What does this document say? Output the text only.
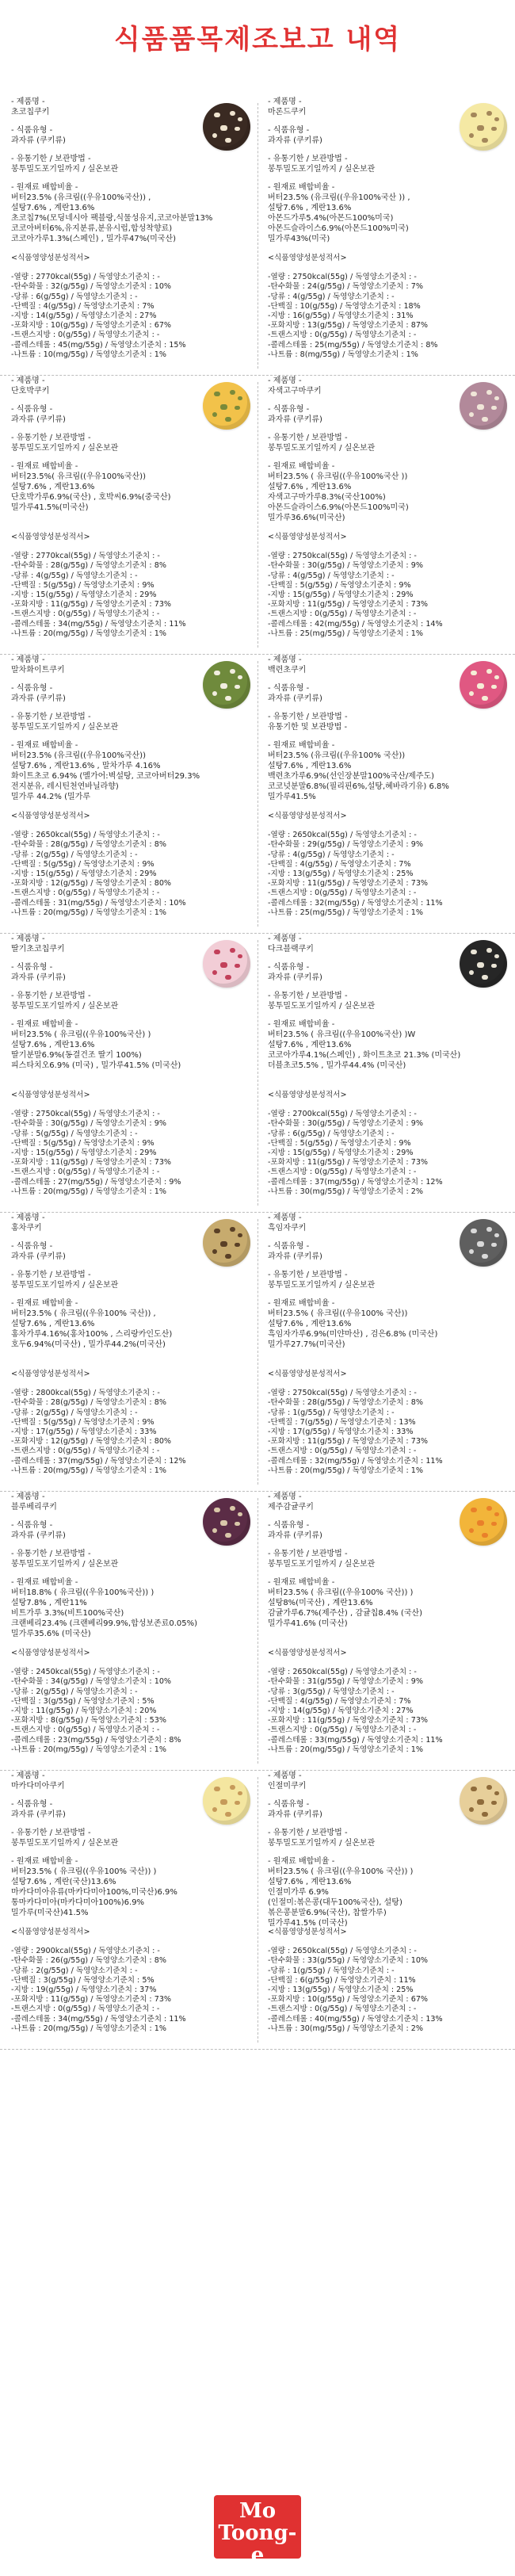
식품품목제조보고 내역
- 제품명 -
초코칩쿠키
- 식품유형 -
과자류 (쿠키류)
- 유통기한 / 보관방법 -
봉투밀도포기일까지 / 실온보관
- 원재료 배합비율 -
버터23.5% (유크림((우유100%국산)) ,
설탕7.6% , 계란13.6%
초코칩7%(모딩네시아 팩블랑,식물성유지,코코아분말13%
코코아버터6%,유지분류,분유시럽,합성착향료)
코코아가루1.3%(스페인) , 밀가루47%(미국산)
<식품영양성분성적서>
-열량 : 2770kcal(55g) / 독영양소기준치 : -
-탄수화물 : 32(g/55g) / 독영양소기준치 : 10%
-당류 : 6(g/55g) / 독영양소기준치 : -
-단백질 : 4(g/55g) / 독영양소기준치 : 7%
-지방 : 14(g/55g) / 독영양소기준치 : 27%
-포화지방 : 10(g/55g) / 독영양소기준치 : 67%
-트랜스지방 : 0(g/55g) / 독영양소기준치 : -
-콜레스테롤 : 45(mg/55g) / 독영양소기준치 : 15%
-나트륨 : 10(mg/55g) / 독영양소기준치 : 1%
- 제품명 -
마론드쿠키
- 식품유형 -
과자류 (쿠키류)
- 유통기한 / 보관방법 -
봉투밀도포기일까지 / 실온보관
- 원재료 배합비율 -
버터23.5% (유크림((우유100%국산 )) ,
설탕7.6% , 계란13.6%
아몬드가루5.4%(아몬드100%미국)
아몬드슬라이스6.9%(아몬드100%미국)
밀가루43%(미국)
<식품영양성분성적서>
-열량 : 2750kcal(55g) / 독영양소기준치 : -
-탄수화물 : 24(g/55g) / 독영양소기준치 : 7%
-당류 : 4(g/55g) / 독영양소기준치 : -
-단백질 : 10(g/55g) / 독영양소기준치 : 18%
-지방 : 16(g/55g) / 독영양소기준치 : 31%
-포화지방 : 13(g/55g) / 독영양소기준치 : 87%
-트랜스지방 : 0(g/55g) / 독영양소기준치 : -
-콜레스테롤 : 25(mg/55g) / 독영양소기준치 : 8%
-나트륨 : 8(mg/55g) / 독영양소기준치 : 1%
- 제품명 -
단호박쿠키
- 식품유형 -
과자류 (쿠키류)
- 유통기한 / 보관방법 -
봉투밀도포기일까지 / 실온보관
- 원재료 배합비율 -
버터23.5%( 유크림((우유100%국산))
설탕7.6% , 계란13.6%
단호박가루6.9%(국산) , 호박씨6.9%(중국산)
밀가루41.5%(미국산)
<식품영양성분성적서>
-열량 : 2770kcal(55g) / 독영양소기준치 : -
-탄수화물 : 28(g/55g) / 독영양소기준치 : 8%
-당류 : 4(g/55g) / 독영양소기준치 : -
-단백질 : 5(g/55g) / 독영양소기준치 : 9%
-지방 : 15(g/55g) / 독영양소기준치 : 29%
-포화지방 : 11(g/55g) / 독영양소기준치 : 73%
-트랜스지방 : 0(g/55g) / 독영양소기준치 : -
-콜레스테롤 : 34(mg/55g) / 독영양소기준치 : 11%
-나트륨 : 20(mg/55g) / 독영양소기준치 : 1%
- 제품명 -
자색고구마쿠키
- 식품유형 -
과자류 (쿠키류)
- 유통기한 / 보관방법 -
봉투밀도포기일까지 / 실온보관
- 원재료 배합비율 -
버터23.5% ( 유크림((우유100%국산 ))
설탕7.6% , 계란13.6%
자색고구마가루8.3%(국산100%)
아몬드슬라이스6.9%(아몬드100%미국)
밀가루36.6%(미국산)
<식품영양성분성적서>
-열량 : 2750kcal(55g) / 독영양소기준치 : -
-탄수화물 : 30(g/55g) / 독영양소기준치 : 9%
-당류 : 4(g/55g) / 독영양소기준치 : -
-단백질 : 5(g/55g) / 독영양소기준치 : 9%
-지방 : 15(g/55g) / 독영양소기준치 : 29%
-포화지방 : 11(g/55g) / 독영양소기준치 : 73%
-트랜스지방 : 0(g/55g) / 독영양소기준치 : -
-콜레스테롤 : 42(mg/55g) / 독영양소기준치 : 14%
-나트륨 : 25(mg/55g) / 독영양소기준치 : 1%
- 제품명 -
말차화이트쿠키
- 식품유형 -
과자류 (쿠키류)
- 유통기한 / 보관방법 -
봉투밀도포기일까지 / 실온보관
- 원재료 배합비율 -
버터23.5% (유크림((우유100%국산))
설탕7.6% , 계란13.6% , 말차가루 4.16%
화이트초코 6.94% (멜가어:벽설탕, 코코아버터29.3%
전지분유, 레시틴천연바닐라향)
밀가루 44.2% (밀가루
<식품영양성분성적서>
-열량 : 2650kcal(55g) / 독영양소기준치 : -
-탄수화물 : 28(g/55g) / 독영양소기준치 : 8%
-당류 : 2(g/55g) / 독영양소기준치 : -
-단백질 : 5(g/55g) / 독영양소기준치 : 9%
-지방 : 15(g/55g) / 독영양소기준치 : 29%
-포화지방 : 12(g/55g) / 독영양소기준치 : 80%
-트랜스지방 : 0(g/55g) / 독영양소기준치 : -
-콜레스테롤 : 31(mg/55g) / 독영양소기준치 : 10%
-나트륨 : 20(mg/55g) / 독영양소기준치 : 1%
- 제품명 -
백련초쿠키
- 식품유형 -
과자류 (쿠키류)
- 유통기한 / 보관방법 -
유통기한 및 보관방법 -
- 원재료 배합비율 -
버터23.5% (유크림((우유100% 국산))
설탕7.6% , 계란13.6%
백련초가루6.9%(선인장분말100%국산/제주도)
코코넛분말6.8%(필리핀6%,설탕,혜바라기유) 6.8%
밀가루41.5%
<식품영양성분성적서>
-열량 : 2650kcal(55g) / 독영양소기준치 : -
-탄수화물 : 29(g/55g) / 독영양소기준치 : 9%
-당류 : 4(g/55g) / 독영양소기준치 : -
-단백질 : 4(g/55g) / 독영양소기준치 : 7%
-지방 : 13(g/55g) / 독영양소기준치 : 25%
-포화지방 : 11(g/55g) / 독영양소기준치 : 73%
-트랜스지방 : 0(g/55g) / 독영양소기준치 : -
-콜레스테롤 : 32(mg/55g) / 독영양소기준치 : 11%
-나트륨 : 25(mg/55g) / 독영양소기준치 : 1%
- 제품명 -
딸기초코칩쿠키
- 식품유형 -
과자류 (쿠키류)
- 유통기한 / 보관방법 -
봉투밀도포기일까지 / 실온보관
- 원재료 배합비율 -
버터23.5% ( 유크림((우유100%국산) )
설탕7.6% , 계란13.6%
딸기분말6.9%(동결건조 딸기 100%)
피스타치오6.9% (미국) , 밀가루41.5% (미국산)
<식품영양성분성적서>
-열량 : 2750kcal(55g) / 독영양소기준치 : -
-탄수화물 : 30(g/55g) / 독영양소기준치 : 9%
-당류 : 5(g/55g) / 독영양소기준치 : -
-단백질 : 5(g/55g) / 독영양소기준치 : 9%
-지방 : 15(g/55g) / 독영양소기준치 : 29%
-포화지방 : 11(g/55g) / 독영양소기준치 : 73%
-트랜스지방 : 0(g/55g) / 독영양소기준치 : -
-콜레스테롤 : 27(mg/55g) / 독영양소기준치 : 9%
-나트륨 : 20(mg/55g) / 독영양소기준치 : 1%
- 제품명 -
다크블랙쿠키
- 식품유형 -
과자류 (쿠키류)
- 유통기한 / 보관방법 -
봉투밀도포기일까지 / 실온보관
- 원재료 배합비율 -
버터23.5% ( 유크림((우유100%국산) )W
설탕7.6% , 계란13.6%
코코아가루4.1%(스페인) , 화이트초코 21.3% (미국산)
더블초코5.5% , 밀가루44.4% (미국산)
<식품영양성분성적서>
-열량 : 2700kcal(55g) / 독영양소기준치 : -
-탄수화물 : 30(g/55g) / 독영양소기준치 : 9%
-당류 : 6(g/55g) / 독영양소기준치 : -
-단백질 : 5(g/55g) / 독영양소기준치 : 9%
-지방 : 15(g/55g) / 독영양소기준치 : 29%
-포화지방 : 11(g/55g) / 독영양소기준치 : 73%
-트랜스지방 : 0(g/55g) / 독영양소기준치 : -
-콜레스테롤 : 37(mg/55g) / 독영양소기준치 : 12%
-나트륨 : 30(mg/55g) / 독영양소기준치 : 2%
- 제품명 -
홍차쿠키
- 식품유형 -
과자류 (쿠키류)
- 유통기한 / 보관방법 -
봉투밀도포기일까지 / 실온보관
- 원재료 배합비율 -
버터23.5% ( 유크림((우유100% 국산)) ,
설탕7.6% , 계란13.6%
홍차가루4.16%(홍차100% , 스리랑카인도산)
호두6.94%(미국산) , 밀가루44.2%(미국산)
<식품영양성분성적서>
-열량 : 2800kcal(55g) / 독영양소기준치 : -
-탄수화물 : 28(g/55g) / 독영양소기준치 : 8%
-당류 : 2(g/55g) / 독영양소기준치 : -
-단백질 : 5(g/55g) / 독영양소기준치 : 9%
-지방 : 17(g/55g) / 독영양소기준치 : 33%
-포화지방 : 12(g/55g) / 독영양소기준치 : 80%
-트랜스지방 : 0(g/55g) / 독영양소기준치 : -
-콜레스테롤 : 37(mg/55g) / 독영양소기준치 : 12%
-나트륨 : 20(mg/55g) / 독영양소기준치 : 1%
- 제품명 -
흑임자쿠키
- 식품유형 -
과자류 (쿠키류)
- 유통기한 / 보관방법 -
봉투밀도포기일까지 / 실온보관
- 원재료 배합비율 -
버터23.5% ( 유크림((우유100% 국산))
설탕7.6% , 계란13.6%
흑임자가루6.9%(미얀마산) , 검은6.8% (미국산)
밀가루27.7%(미국산)
<식품영양성분성적서>
-열량 : 2750kcal(55g) / 독영양소기준치 : -
-탄수화물 : 28(g/55g) / 독영양소기준치 : 8%
-당류 : 1(g/55g) / 독영양소기준치 : -
-단백질 : 7(g/55g) / 독영양소기준치 : 13%
-지방 : 17(g/55g) / 독영양소기준치 : 33%
-포화지방 : 11(g/55g) / 독영양소기준치 : 73%
-트랜스지방 : 0(g/55g) / 독영양소기준치 : -
-콜레스테롤 : 32(mg/55g) / 독영양소기준치 : 11%
-나트륨 : 20(mg/55g) / 독영양소기준치 : 1%
- 제품명 -
블루베리쿠키
- 식품유형 -
과자류 (쿠키류)
- 유통기한 / 보관방법 -
봉투밀도포기일까지 / 실온보관
- 원재료 배합비율 -
버터18.8% ( 유크림((우유100%국산)) )
설탕7.8% , 계란11%
비트가루 3.3%(비트100%국산)
크랜베리23.4% (크랜베리99.9%,합성보존료0.05%)
밀가루35.6% (미국산)
<식품영양성분성적서>
-열량 : 2450kcal(55g) / 독영양소기준치 : -
-탄수화물 : 34(g/55g) / 독영양소기준치 : 10%
-당류 : 2(g/55g) / 독영양소기준치 : -
-단백질 : 3(g/55g) / 독영양소기준치 : 5%
-지방 : 11(g/55g) / 독영양소기준치 : 20%
-포화지방 : 8(g/55g) / 독영양소기준치 : 53%
-트랜스지방 : 0(g/55g) / 독영양소기준치 : -
-콜레스테롤 : 23(mg/55g) / 독영양소기준치 : 8%
-나트륨 : 20(mg/55g) / 독영양소기준치 : 1%
- 제품명 -
제주감귤쿠키
- 식품유형 -
과자류 (쿠키류)
- 유통기한 / 보관방법 -
봉투밀도포기일까지 / 실온보관
- 원재료 배합비율 -
버터23.5% ( 유크림((우유100% 국산)) )
설탕8%(미국산) , 계란13.6%
감귤가루6.7%(제주산) , 감귤칩8.4% (국산)
밀가루41.6% (미국산)
<식품영양성분성적서>
-열량 : 2650kcal(55g) / 독영양소기준치 : -
-탄수화물 : 31(g/55g) / 독영양소기준치 : 9%
-당류 : 3(g/55g) / 독영양소기준치 : -
-단백질 : 4(g/55g) / 독영양소기준치 : 7%
-지방 : 14(g/55g) / 독영양소기준치 : 27%
-포화지방 : 11(g/55g) / 독영양소기준치 : 73%
-트랜스지방 : 0(g/55g) / 독영양소기준치 : -
-콜레스테롤 : 33(mg/55g) / 독영양소기준치 : 11%
-나트륨 : 20(mg/55g) / 독영양소기준치 : 1%
- 제품명 -
마카다미아쿠키
- 식품유형 -
과자류 (쿠키류)
- 유통기한 / 보관방법 -
봉투밀도포기일까지 / 실온보관
- 원재료 배합비율 -
버터23.5% ( 유크림((우유100% 국산)) )
설탕7.6% , 계란(국산)13.6%
마카다미아유류(마카다미아100%,미국산)6.9%
통마카다미아(마카다미아100%)6.9%
밀가루(미국산)41.5%
<식품영양성분성적서>
-열량 : 2900kcal(55g) / 독영양소기준치 : -
-탄수화물 : 26(g/55g) / 독영양소기준치 : 8%
-당류 : 2(g/55g) / 독영양소기준치 : -
-단백질 : 3(g/55g) / 독영양소기준치 : 5%
-지방 : 19(g/55g) / 독영양소기준치 : 37%
-포화지방 : 11(g/55g) / 독영양소기준치 : 73%
-트랜스지방 : 0(g/55g) / 독영양소기준치 : -
-콜레스테롤 : 34(mg/55g) / 독영양소기준치 : 11%
-나트륨 : 20(mg/55g) / 독영양소기준치 : 1%
- 제품명 -
인절미쿠키
- 식품유형 -
과자류 (쿠키류)
- 유통기한 / 보관방법 -
봉투밀도포기일까지 / 실온보관
- 원재료 배합비율 -
버터23.5% ( 유크림((우유100% 국산)) )
설탕7.6% , 계란13.6%
인절미가루 6.9%
(인절미:볶은콩(대두100%국산), 설탕)
볶은콩분말6.9%(국산), 찹쌀가루)
밀가루41.5% (미국산)
<식품영양성분성적서>
-열량 : 2650kcal(55g) / 독영양소기준치 : -
-탄수화물 : 33(g/55g) / 독영양소기준치 : 10%
-당류 : 1(g/55g) / 독영양소기준치 : -
-단백질 : 6(g/55g) / 독영양소기준치 : 11%
-지방 : 13(g/55g) / 독영양소기준치 : 25%
-포화지방 : 10(g/55g) / 독영양소기준치 : 67%
-트랜스지방 : 0(g/55g) / 독영양소기준치 : -
-콜레스테롤 : 40(mg/55g) / 독영양소기준치 : 13%
-나트륨 : 30(mg/55g) / 독영양소기준치 : 2%
Mo
Toong-e
COOKIES
